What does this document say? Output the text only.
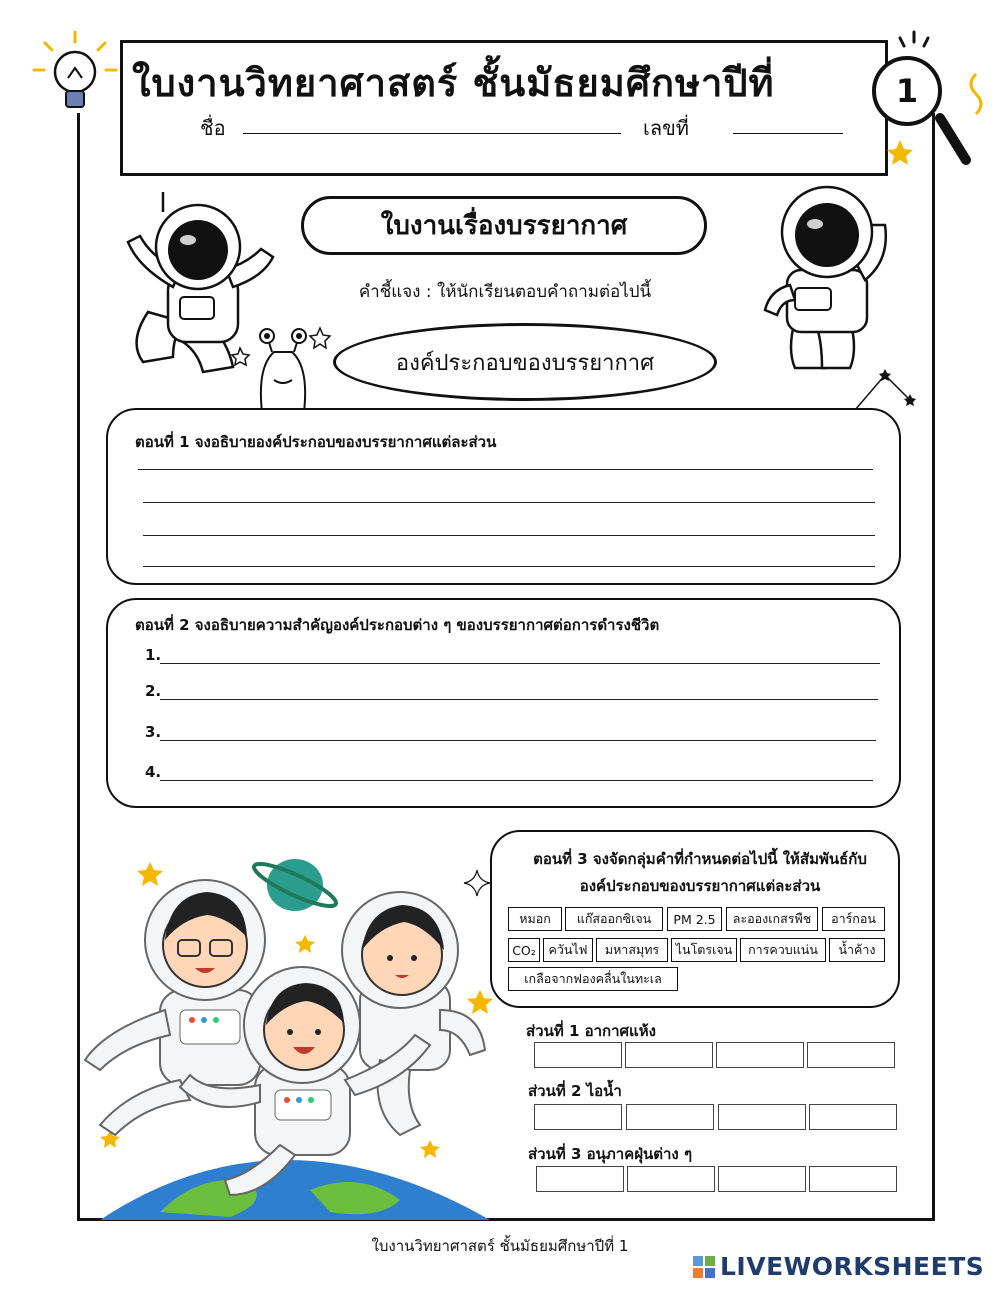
ใบงานวิทยาศาสตร์ ชั้นมัธยมศึกษาปีที่
ชื่อ	เลขที่
1
ใบงานเรื่องบรรยากาศ
คำชี้แจง : ให้นักเรียนตอบคำถามต่อไปนี้
องค์ประกอบของบรรยากาศ
ตอนที่ 1 จงอธิบายองค์ประกอบของบรรยากาศแต่ละส่วน
ตอนที่ 2 จงอธิบายความสำคัญองค์ประกอบต่าง ๆ ของบรรยากาศต่อการดำรงชีวิต
1.
2.
3.
4.
ตอนที่ 3 จงจัดกลุ่มคำที่กำหนดต่อไปนี้ ให้สัมพันธ์กับ
องค์ประกอบของบรรยากาศแต่ละส่วน
หมอก	แก๊สออกซิเจน	PM 2.5	ละอองเกสรพืช	อาร์กอน
CO₂	ควันไฟ	มหาสมุทร	ไนโตรเจน	การควบแน่น	น้ำค้าง
เกลือจากฟองคลื่นในทะเล
ส่วนที่ 1 อากาศแห้ง
ส่วนที่ 2 ไอน้ำ
ส่วนที่ 3 อนุภาคฝุ่นต่าง ๆ
ใบงานวิทยาศาสตร์ ชั้นมัธยมศึกษาปีที่ 1
LIVEWORKSHEETS
